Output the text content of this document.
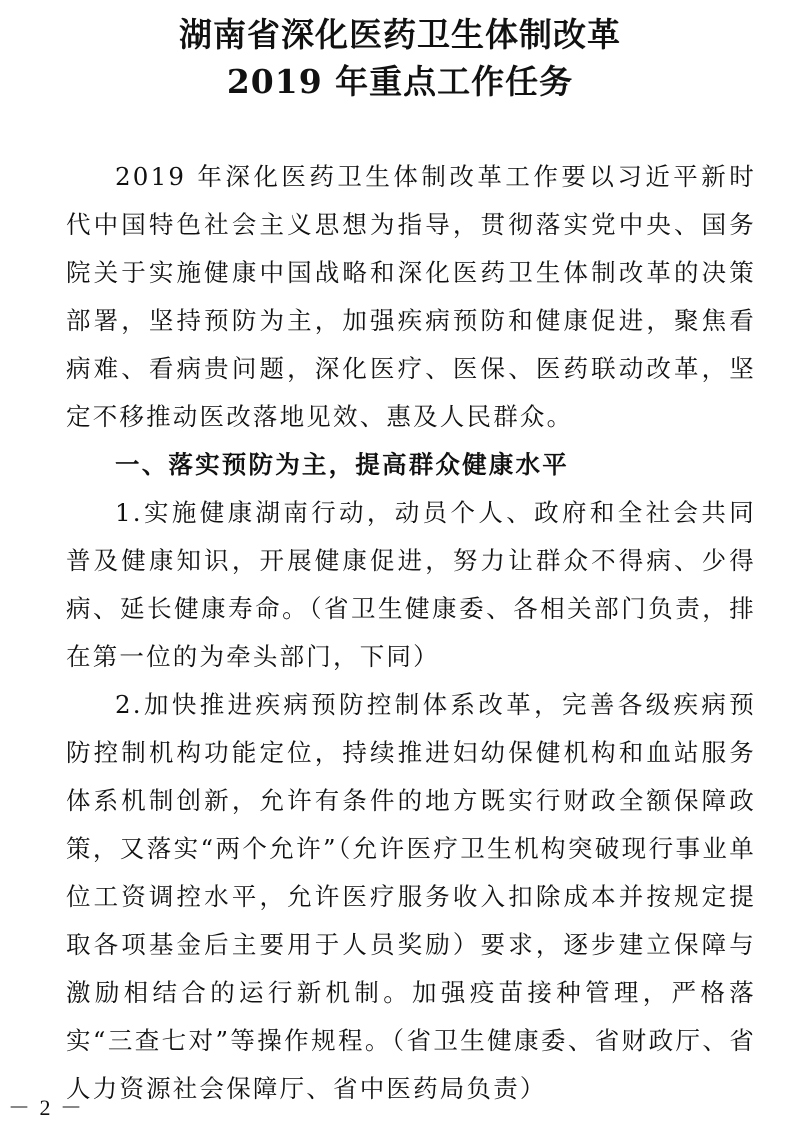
湖南省深化医药卫生体制改革
2019 年重点工作任务

2019 年深化医药卫生体制改革工作要以习近平新时代中国特色社会主义思想为指导，贯彻落实党中央、国务院关于实施健康中国战略和深化医药卫生体制改革的决策部署，坚持预防为主，加强疾病预防和健康促进，聚焦看病难、看病贵问题，深化医疗、医保、医药联动改革，坚定不移推动医改落地见效、惠及人民群众。

一、落实预防为主，提高群众健康水平

1.实施健康湖南行动，动员个人、政府和全社会共同普及健康知识，开展健康促进，努力让群众不得病、少得病、延长健康寿命。（省卫生健康委、各相关部门负责，排在第一位的为牵头部门，下同）

2.加快推进疾病预防控制体系改革，完善各级疾病预防控制机构功能定位，持续推进妇幼保健机构和血站服务体系机制创新，允许有条件的地方既实行财政全额保障政策，又落实“两个允许”（允许医疗卫生机构突破现行事业单位工资调控水平，允许医疗服务收入扣除成本并按规定提取各项基金后主要用于人员奖励）要求，逐步建立保障与激励相结合的运行新机制。加强疫苗接种管理，严格落实“三查七对”等操作规程。（省卫生健康委、省财政厅、省人力资源社会保障厅、省中医药局负责）

－ 2 －
